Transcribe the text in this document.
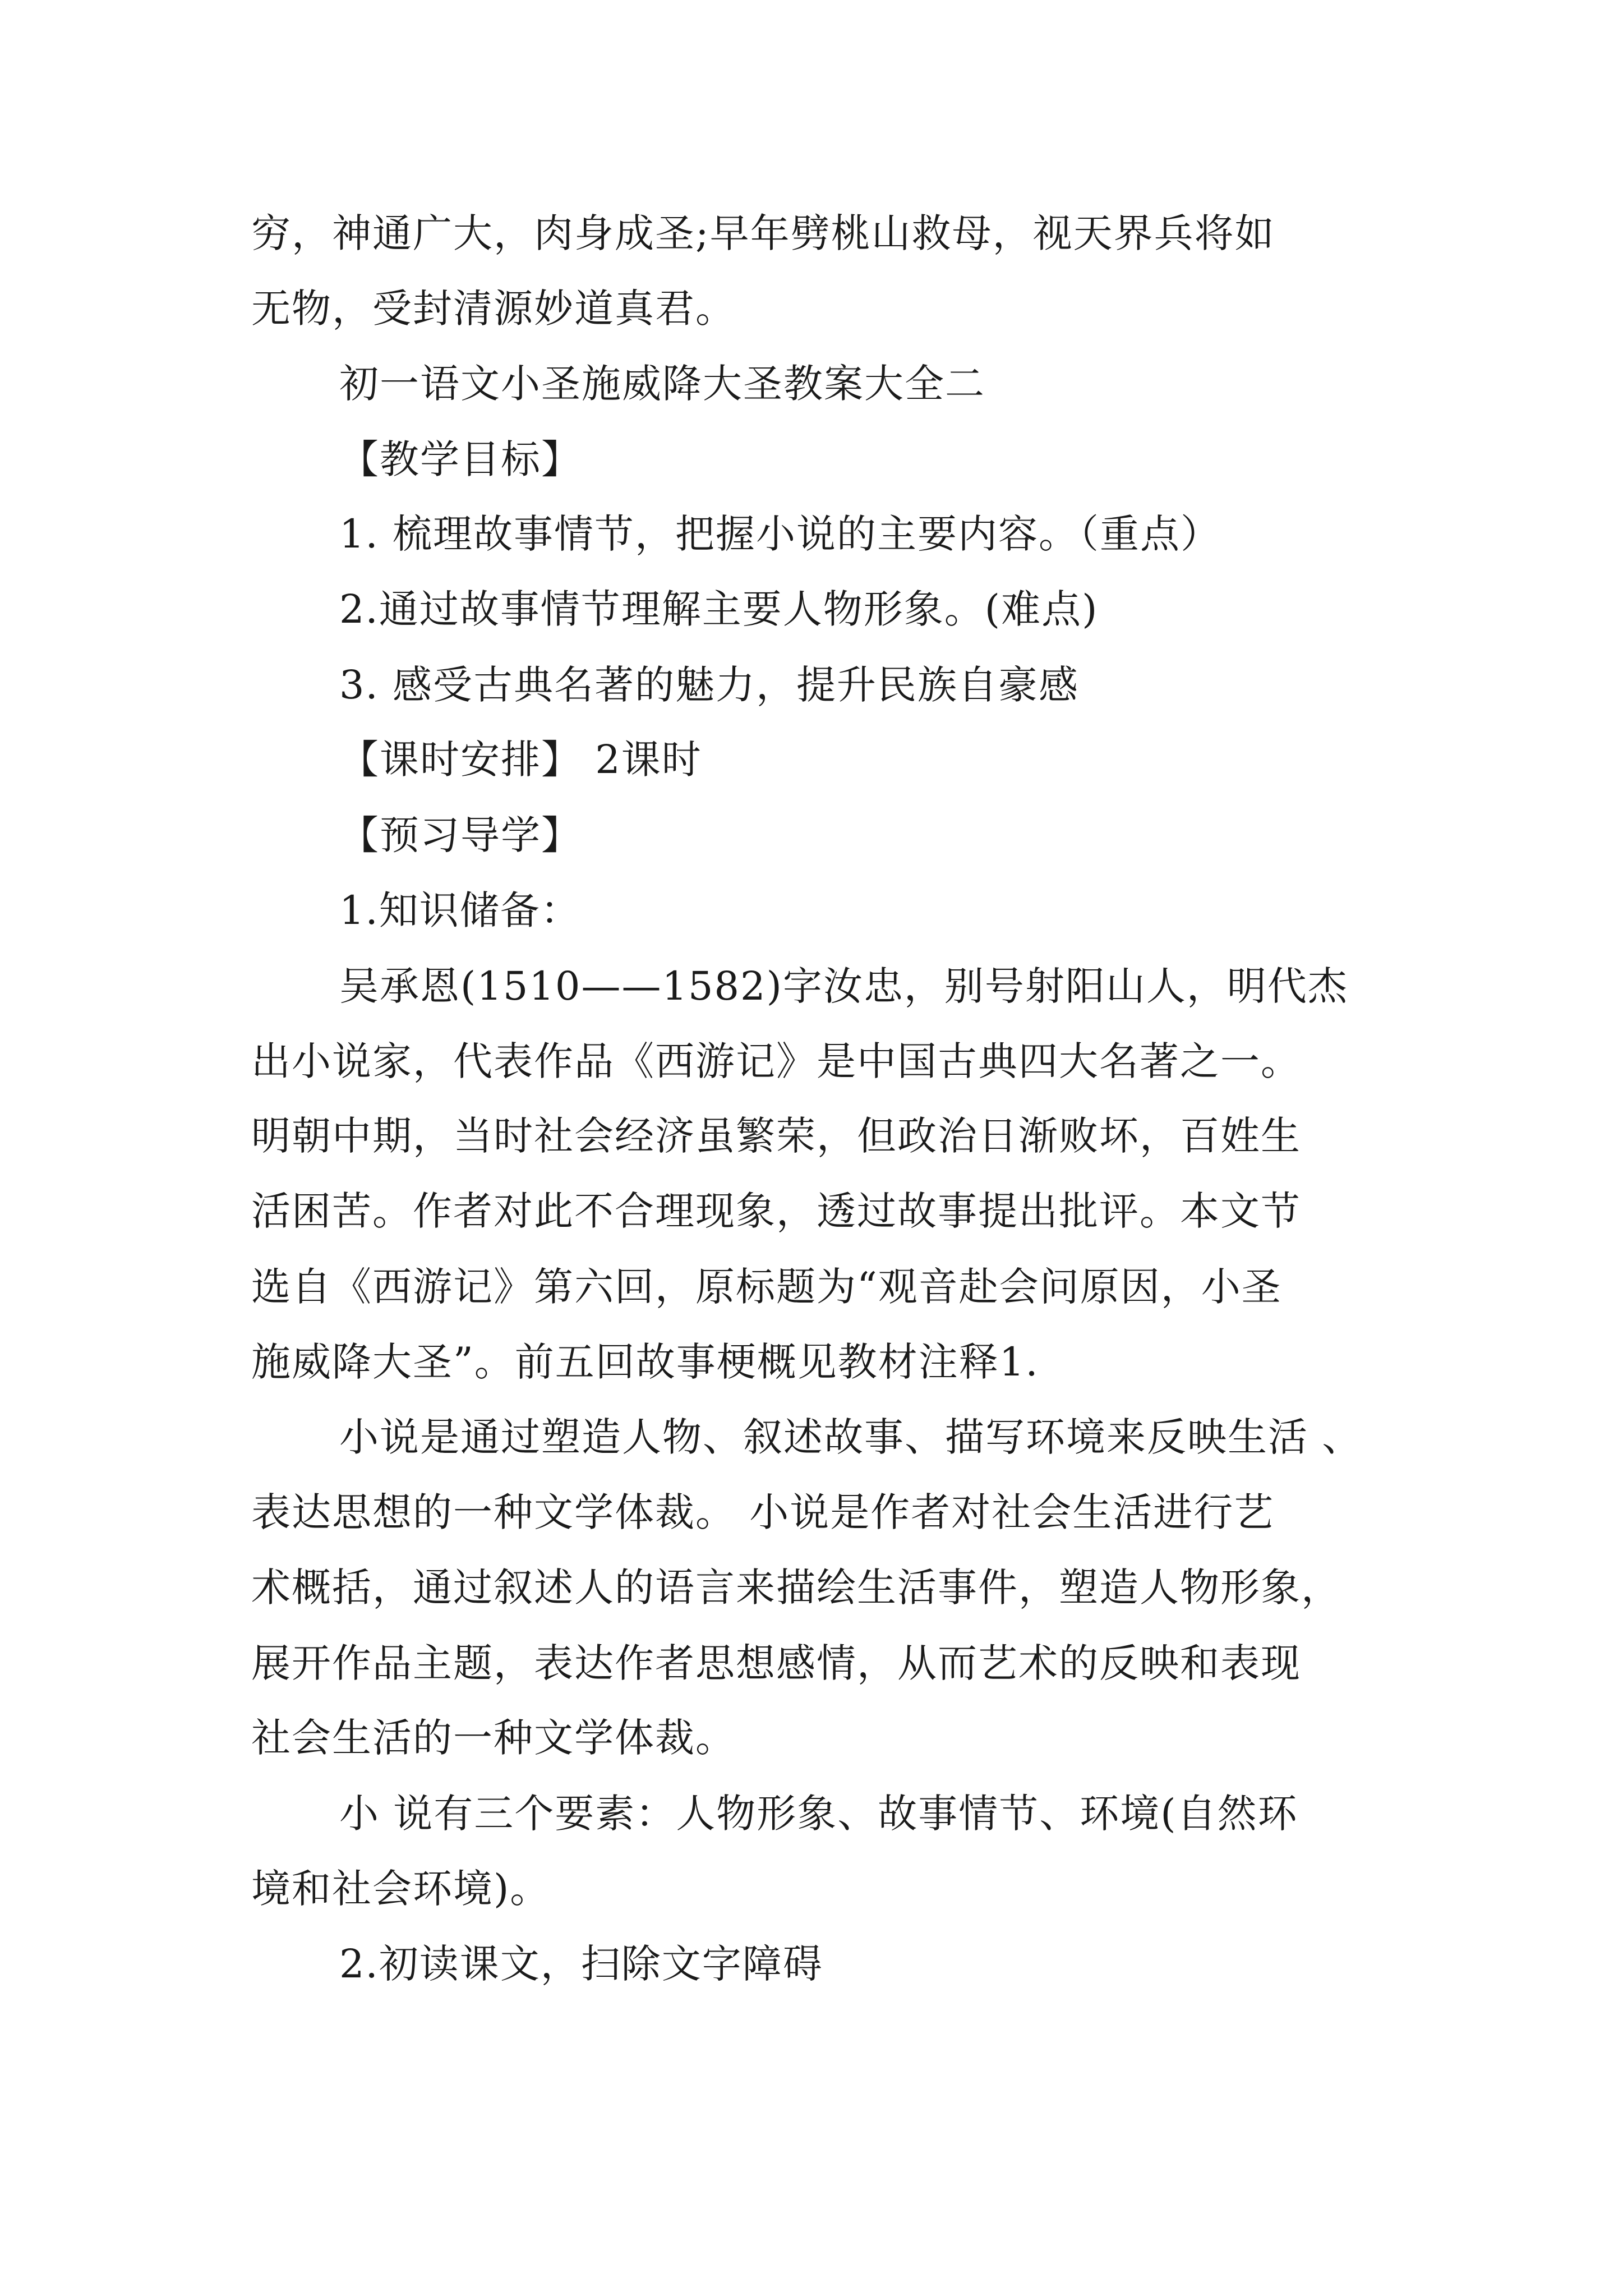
穷，神通广大，肉身成圣;早年劈桃山救母，视天界兵将如
无物，受封清源妙道真君。
初一语文小圣施威降大圣教案大全二
【教学目标】
1. 梳理故事情节，把握小说的主要内容。（重点）
2.通过故事情节理解主要人物形象。(难点)
3. 感受古典名著的魅力，提升民族自豪感
【课时安排】 2课时
【预习导学】
1.知识储备：
吴承恩(1510——1582)字汝忠，别号射阳山人，明代杰
出小说家，代表作品《西游记》是中国古典四大名著之一。
明朝中期，当时社会经济虽繁荣，但政治日渐败坏，百姓生
活困苦。作者对此不合理现象，透过故事提出批评。本文节
选自《西游记》第六回，原标题为“观音赴会问原因，小圣
施威降大圣”。前五回故事梗概见教材注释1.
小说是通过塑造人物、叙述故事、描写环境来反映生活 、
表达思想的一种文学体裁。 小说是作者对社会生活进行艺
术概括，通过叙述人的语言来描绘生活事件，塑造人物形象，
展开作品主题，表达作者思想感情，从而艺术的反映和表现
社会生活的一种文学体裁。
小 说有三个要素：人物形象、故事情节、环境(自然环
境和社会环境)。
2.初读课文，扫除文字障碍
